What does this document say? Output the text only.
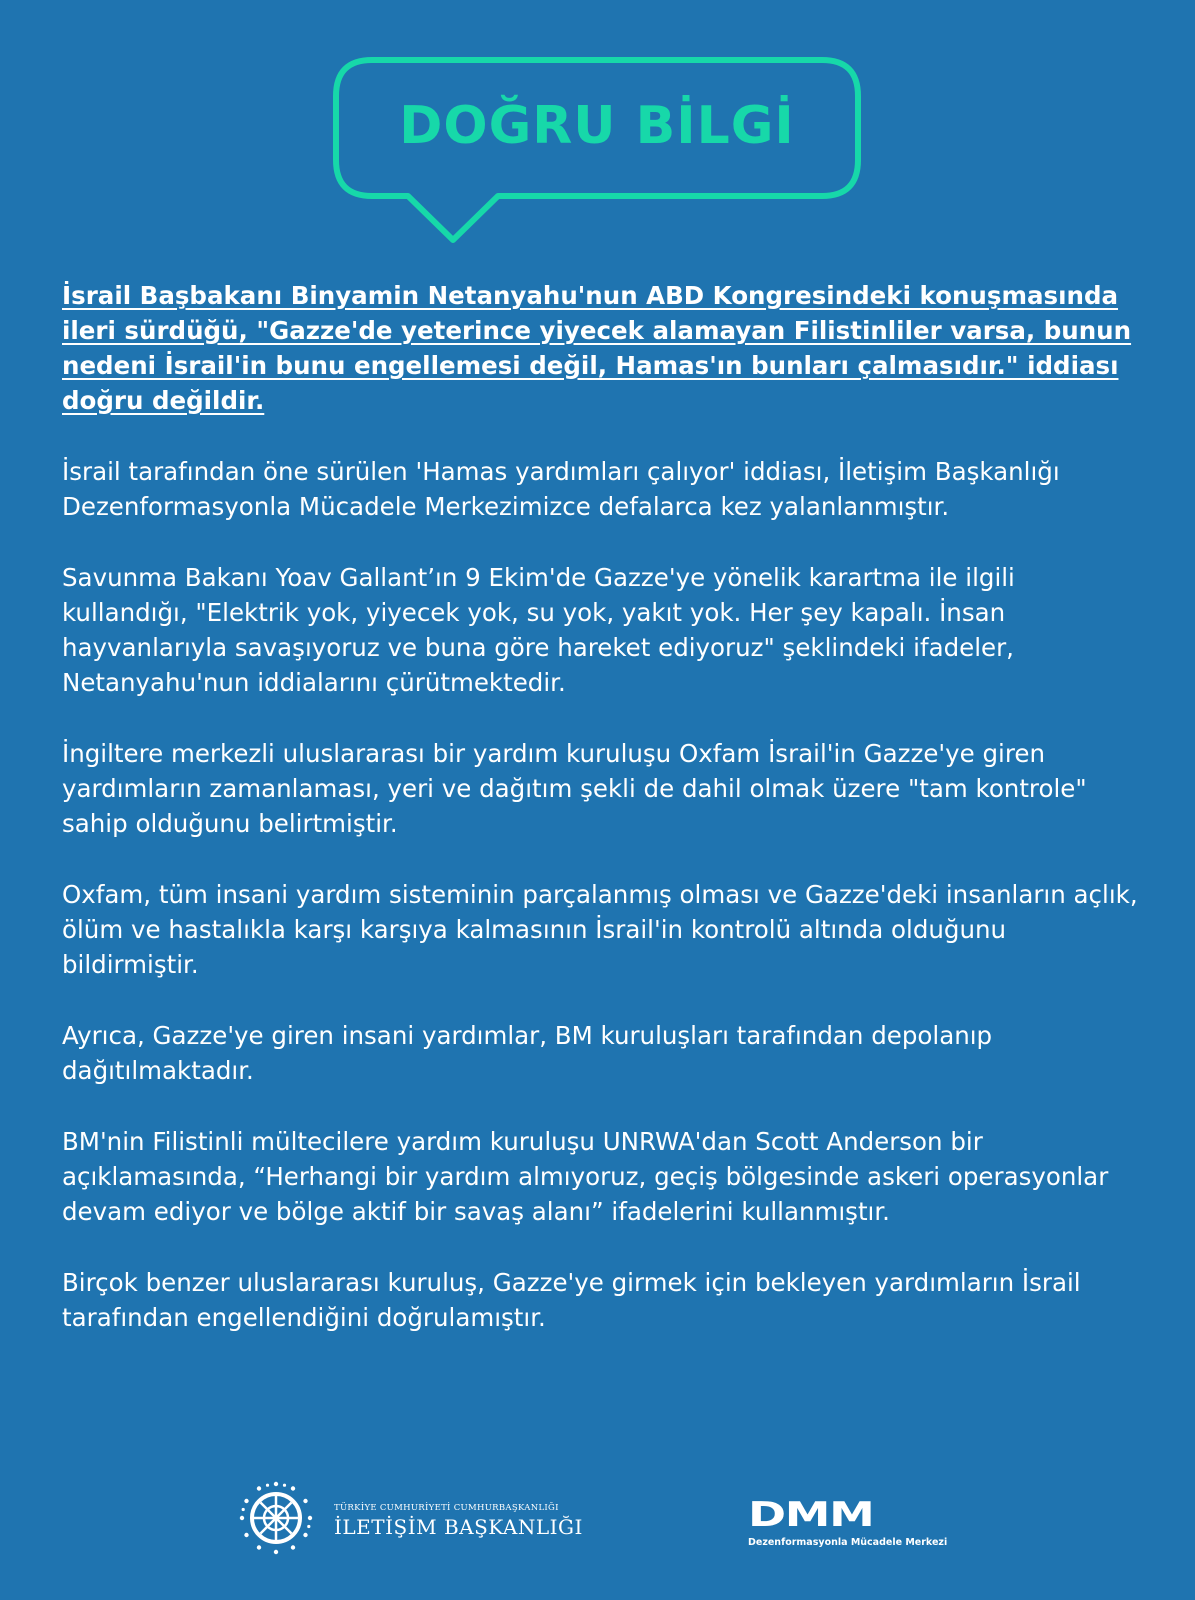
DOĞRU BİLGİ

İsrail Başbakanı Binyamin Netanyahu'nun ABD Kongresindeki konuşmasında ileri sürdüğü, "Gazze'de yeterince yiyecek alamayan Filistinliler varsa, bunun nedeni İsrail'in bunu engellemesi değil, Hamas'ın bunları çalmasıdır." iddiası doğru değildir.

İsrail tarafından öne sürülen 'Hamas yardımları çalıyor' iddiası, İletişim Başkanlığı Dezenformasyonla Mücadele Merkezimizce defalarca kez yalanlanmıştır.

Savunma Bakanı Yoav Gallant’ın 9 Ekim'de Gazze'ye yönelik karartma ile ilgili kullandığı, "Elektrik yok, yiyecek yok, su yok, yakıt yok. Her şey kapalı. İnsan hayvanlarıyla savaşıyoruz ve buna göre hareket ediyoruz" şeklindeki ifadeler, Netanyahu'nun iddialarını çürütmektedir.

İngiltere merkezli uluslararası bir yardım kuruluşu Oxfam İsrail'in Gazze'ye giren yardımların zamanlaması, yeri ve dağıtım şekli de dahil olmak üzere "tam kontrole" sahip olduğunu belirtmiştir.

Oxfam, tüm insani yardım sisteminin parçalanmış olması ve Gazze'deki insanların açlık, ölüm ve hastalıkla karşı karşıya kalmasının İsrail'in kontrolü altında olduğunu bildirmiştir.

Ayrıca, Gazze'ye giren insani yardımlar, BM kuruluşları tarafından depolanıp dağıtılmaktadır.

BM'nin Filistinli mültecilere yardım kuruluşu UNRWA'dan Scott Anderson bir açıklamasında, “Herhangi bir yardım almıyoruz, geçiş bölgesinde askeri operasyonlar devam ediyor ve bölge aktif bir savaş alanı” ifadelerini kullanmıştır.

Birçok benzer uluslararası kuruluş, Gazze'ye girmek için bekleyen yardımların İsrail tarafından engellendiğini doğrulamıştır.

TÜRKİYE CUMHURİYETİ CUMHURBAŞKANLIĞI
İLETİŞİM BAŞKANLIĞI	DMM
Dezenformasyonla Mücadele Merkezi
